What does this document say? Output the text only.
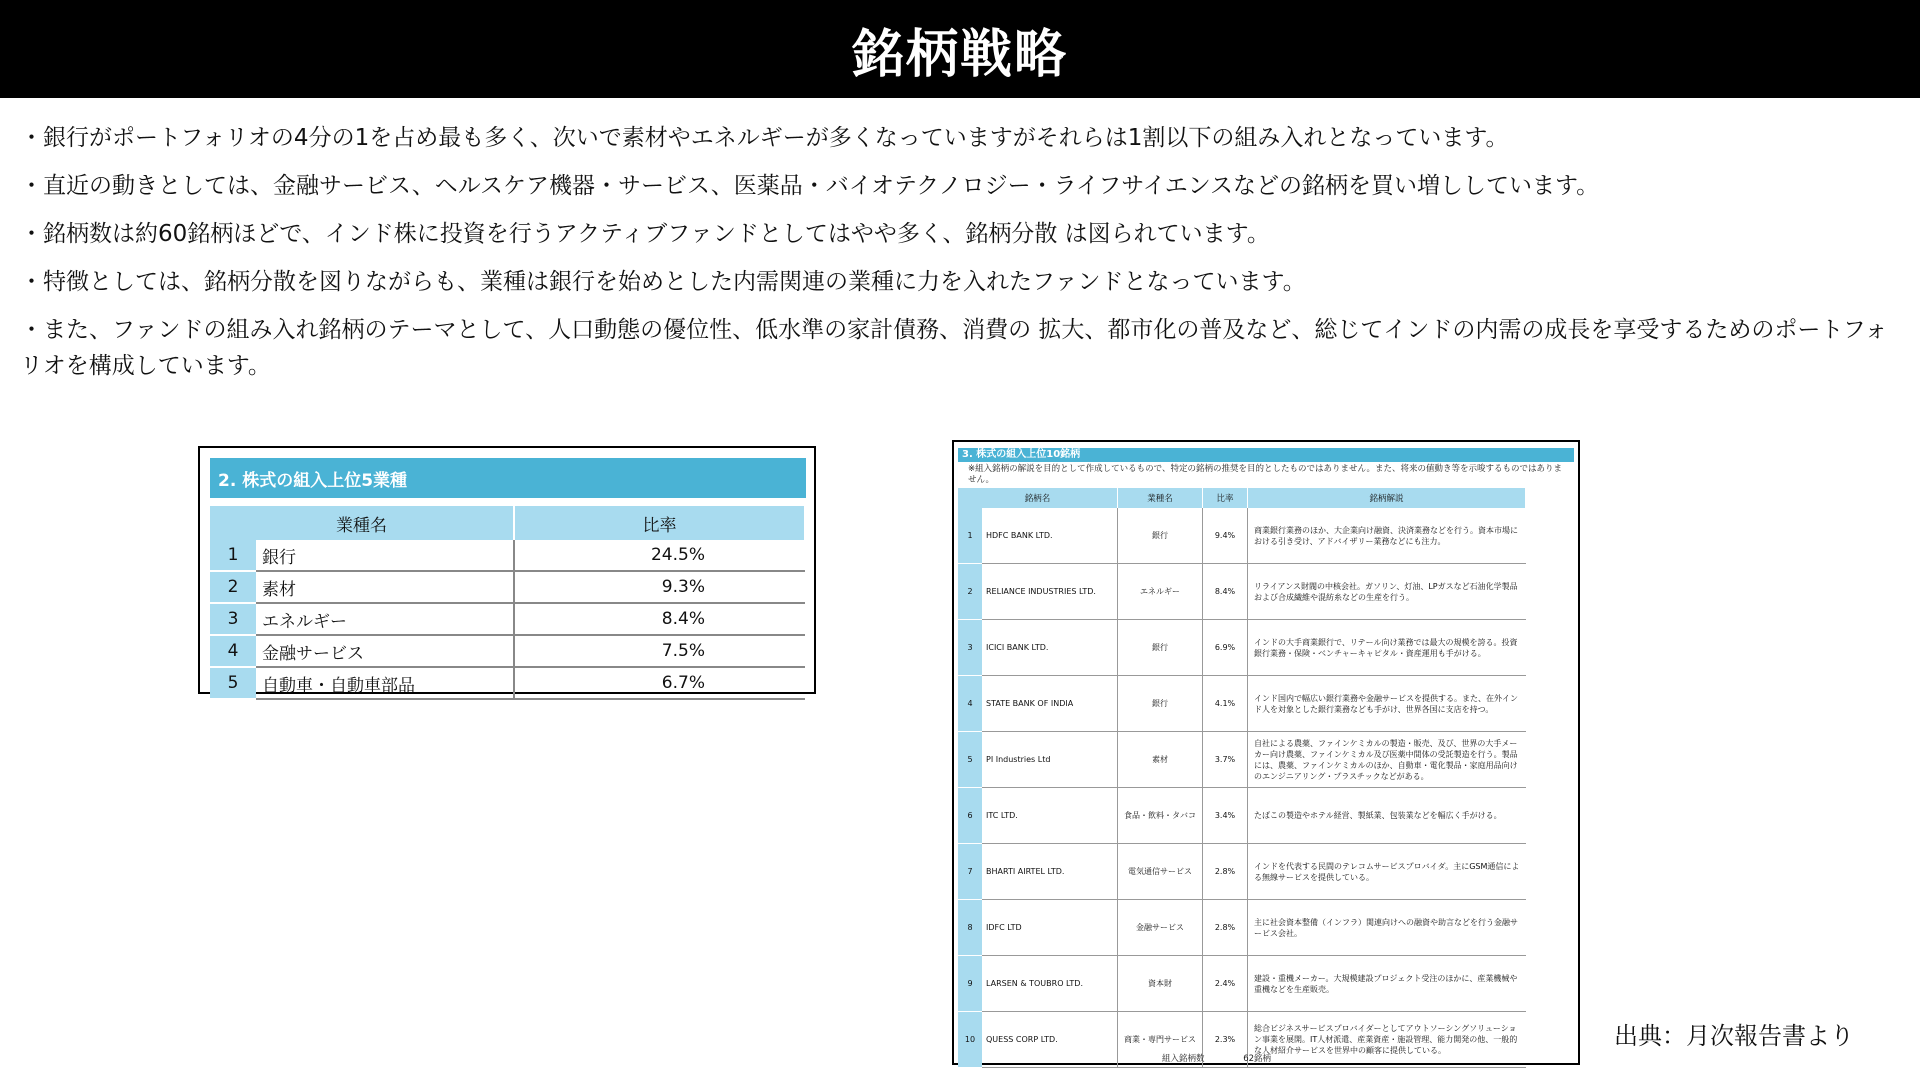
銘柄戦略

・銀行がポートフォリオの4分の1を占め最も多く、次いで素材やエネルギーが多くなっていますがそれらは1割以下の組み入れとなっています。

・直近の動きとしては、金融サービス、ヘルスケア機器・サービス、医薬品・バイオテクノロジー・ライフサイエンスなどの銘柄を買い増ししています。

・銘柄数は約60銘柄ほどで、インド株に投資を行うアクティブファンドとしてはやや多く、銘柄分散 は図られています。

・特徴としては、銘柄分散を図りながらも、業種は銀行を始めとした内需関連の業種に力を入れたファンドとなっています。

・また、ファンドの組み入れ銘柄のテーマとして、人口動態の優位性、低水準の家計債務、消費の 拡大、都市化の普及など、総じてインドの内需の成長を享受するためのポートフォリオを構成しています。

2. 株式の組入上位5業種
業種名		比率
1	銀行	24.5%
2	素材	9.3%
3	エネルギー	8.4%
4	金融サービス	7.5%
5	自動車・自動車部品	6.7%
3. 株式の組入上位10銘柄
※組入銘柄の解説を目的として作成しているもので、特定の銘柄の推奨を目的としたものではありません。また、将来の値動き等を示唆するものではありません。
銘柄名		業種名	比率	銘柄解説
1	HDFC BANK LTD.	銀行	9.4%	商業銀行業務のほか、大企業向け融資、決済業務などを行う。資本市場における引き受け、アドバイザリー業務などにも注力。
2	RELIANCE INDUSTRIES LTD.	エネルギー	8.4%	リライアンス財閥の中核会社。ガソリン、灯油、LPガスなど石油化学製品および合成繊維や混紡糸などの生産を行う。
3	ICICI BANK LTD.	銀行	6.9%	インドの大手商業銀行で、リテール向け業務では最大の規模を誇る。投資銀行業務・保険・ベンチャーキャピタル・資産運用も手がける。
4	STATE BANK OF INDIA	銀行	4.1%	インド国内で幅広い銀行業務や金融サービスを提供する。また、在外インド人を対象とした銀行業務なども手がけ、世界各国に支店を持つ。
5	PI Industries Ltd	素材	3.7%	自社による農薬、ファインケミカルの製造・販売、及び、世界の大手メーカー向け農薬、ファインケミカル及び医薬中間体の受託製造を行う。製品には、農薬、ファインケミカルのほか、自動車・電化製品・家庭用品向けのエンジニアリング・プラスチックなどがある。
6	ITC LTD.	食品・飲料・タバコ	3.4%	たばこの製造やホテル経営、製紙業、包装業などを幅広く手がける。
7	BHARTI AIRTEL LTD.	電気通信サービス	2.8%	インドを代表する民間のテレコムサービスプロバイダ。主にGSM通信による無線サービスを提供している。
8	IDFC LTD	金融サービス	2.8%	主に社会資本整備（インフラ）関連向けへの融資や助言などを行う金融サービス会社。
9	LARSEN & TOUBRO LTD.	資本財	2.4%	建設・重機メーカー。大規模建設プロジェクト受注のほかに、産業機械や重機などを生産販売。
10	QUESS CORP LTD.	商業・専門サービス	2.3%	総合ビジネスサービスプロバイダーとしてアウトソーシングソリューション事業を展開。IT人材派遣、産業資産・施設管理、能力開発の他、一般的な人材紹介サービスを世界中の顧客に提供している。
組入銘柄数	62銘柄
出典：月次報告書より
